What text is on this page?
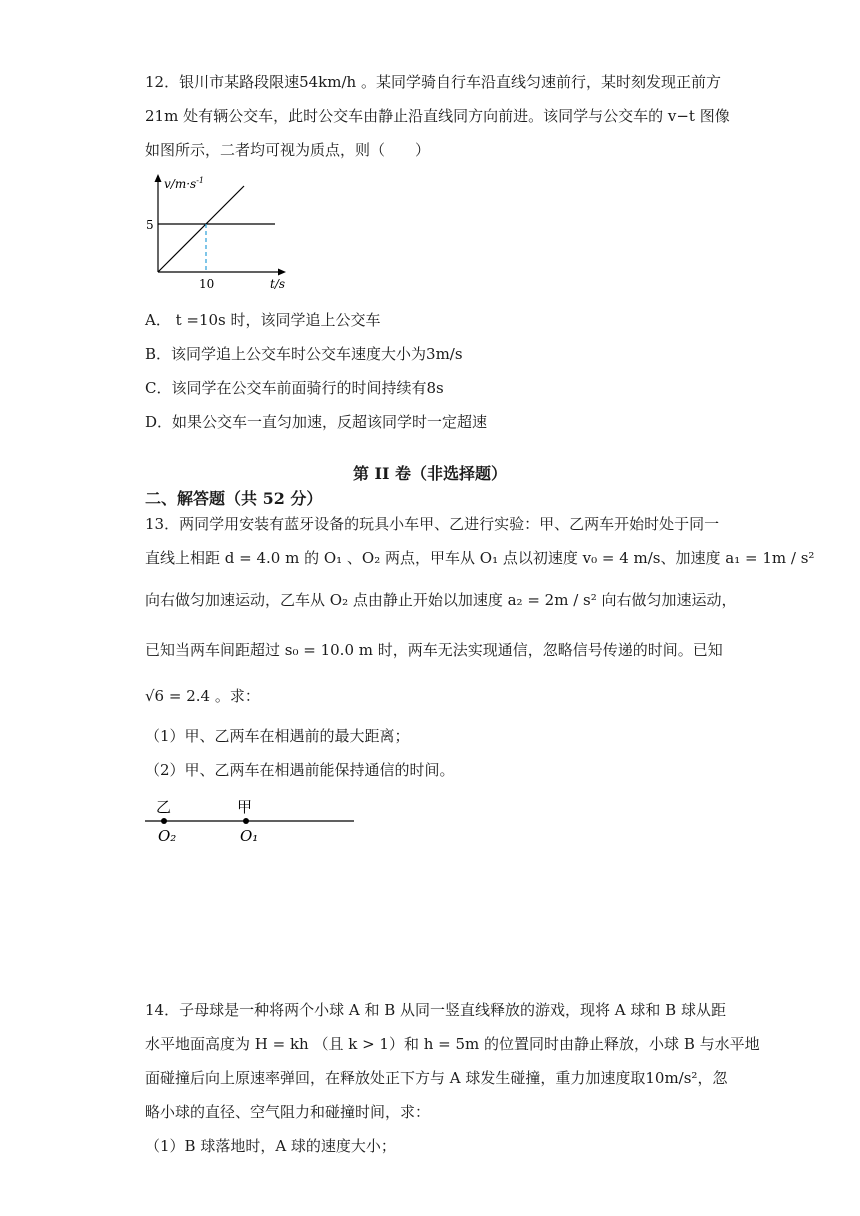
12．银川市某路段限速54km/h 。某同学骑自行车沿直线匀速前行，某时刻发现正前方
21m 处有辆公交车，此时公交车由静止沿直线同方向前进。该同学与公交车的 v−t 图像
如图所示，二者均可视为质点，则（　　）
$v/m\cdot s^{-1}$
5
10	t/s
A． t =10s 时，该同学追上公交车
B．该同学追上公交车时公交车速度大小为3m/s
C．该同学在公交车前面骑行的时间持续有8s
D．如果公交车一直匀加速，反超该同学时一定超速
第 II 卷（非选择题）
二、解答题（共 52 分）
13．两同学用安装有蓝牙设备的玩具小车甲、乙进行实验：甲、乙两车开始时处于同一
直线上相距 d = 4.0 m 的 O₁ 、O₂ 两点，甲车从 O₁ 点以初速度 v₀ = 4 m/s、加速度 a₁ = 1m / s²
向右做匀加速运动，乙车从 O₂ 点由静止开始以加速度 a₂ = 2m / s² 向右做匀加速运动，
已知当两车间距超过 s₀ = 10.0 m 时，两车无法实现通信，忽略信号传递的时间。已知
√6 = 2.4 。求：
（1）甲、乙两车在相遇前的最大距离；
（2）甲、乙两车在相遇前能保持通信的时间。
乙	甲
O₂	O₁
14．子母球是一种将两个小球 A 和 B 从同一竖直线释放的游戏，现将 A 球和 B 球从距
水平地面高度为 H = kh （且 k > 1）和 h = 5m 的位置同时由静止释放，小球 B 与水平地
面碰撞后向上原速率弹回，在释放处正下方与 A 球发生碰撞，重力加速度取10m/s²，忽
略小球的直径、空气阻力和碰撞时间，求：
（1）B 球落地时，A 球的速度大小；
